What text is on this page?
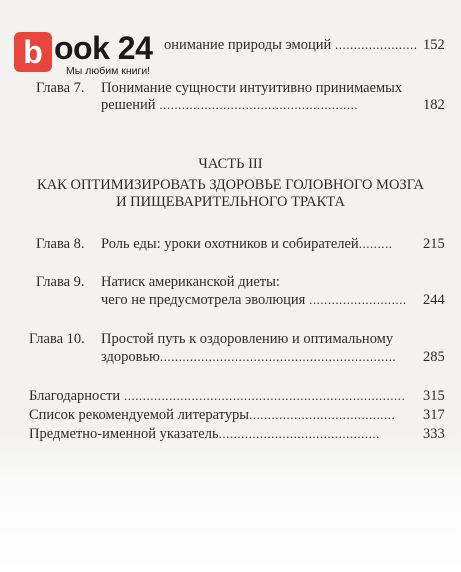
b ook 24
Мы любим книги!
онимание природы эмоций ...................... 152
Глава 7. Понимание сущности интуитивно принимаемых
решений .....................................................	182
ЧАСТЬ III
КАК ОПТИМИЗИРОВАТЬ ЗДОРОВЬЕ ГОЛОВНОГО МОЗГА
И ПИЩЕВАРИТЕЛЬНОГО ТРАКТА
Глава 8. Роль еды: уроки охотников и собирателей......... 215
Глава 9. Натиск американской диеты:
чего не предусмотрела эволюция .......................... 244
Глава 10. Простой путь к оздоровлению и оптимальному
здоровью............................................................... 285
Благодарности ........................................................................... 315
Список рекомендуемой литературы....................................... 317
Предметно-именной указатель...........................................	333
